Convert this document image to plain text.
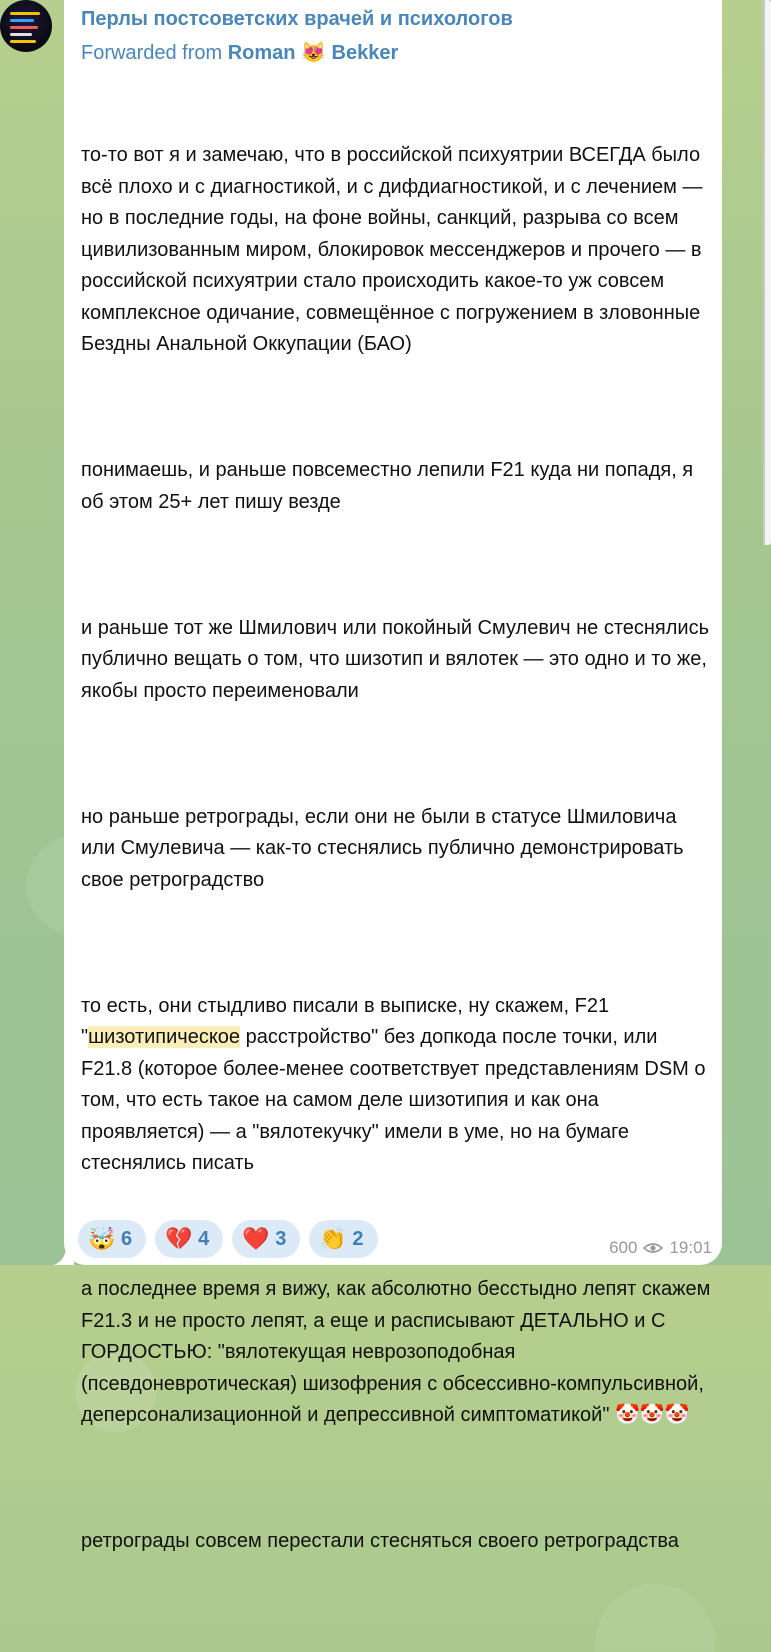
Перлы постсоветских врачей и психологов
Forwarded from Roman 😻 Bekker

то-то вот я и замечаю, что в российской психуятрии ВСЕГДА было всё плохо и с диагностикой, и с дифдиагностикой, и с лечением — но в последние годы, на фоне войны, санкций, разрыва со всем цивилизованным миром, блокировок мессенджеров и прочего — в российской психуятрии стало происходить какое-то уж совсем комплексное одичание, совмещённое с погружением в зловонные Бездны Анальной Оккупации (БАО)

понимаешь, и раньше повсеместно лепили F21 куда ни попадя, я об этом 25+ лет пишу везде

и раньше тот же Шмилович или покойный Смулевич не стеснялись публично вещать о том, что шизотип и вялотек — это одно и то же, якобы просто переименовали

но раньше ретрограды, если они не были в статусе Шмиловича или Смулевича — как-то стеснялись публично демонстрировать свое ретроградство

то есть, они стыдливо писали в выписке, ну скажем, F21 "шизотипическое расстройство" без допкода после точки, или F21.8 (которое более-менее соответствует представлениям DSM о том, что есть такое на самом деле шизотипия и как она проявляется) — а "вялотекучку" имели в уме, но на бумаге стеснялись писать

а последнее время я вижу, как абсолютно бесстыдно лепят скажем F21.3 и не просто лепят, а еще и расписывают ДЕТАЛЬНО и С ГОРДОСТЬЮ: "вялотекущая неврозоподобная (псевдоневротическая) шизофрения с обсессивно-компульсивной, деперсонализационной и депрессивной симптоматикой" 🤡🤡🤡

ретрограды совсем перестали стесняться своего ретроградства

🤯 6 💔 4 ❤️ 3 👏 2	600 19:01
